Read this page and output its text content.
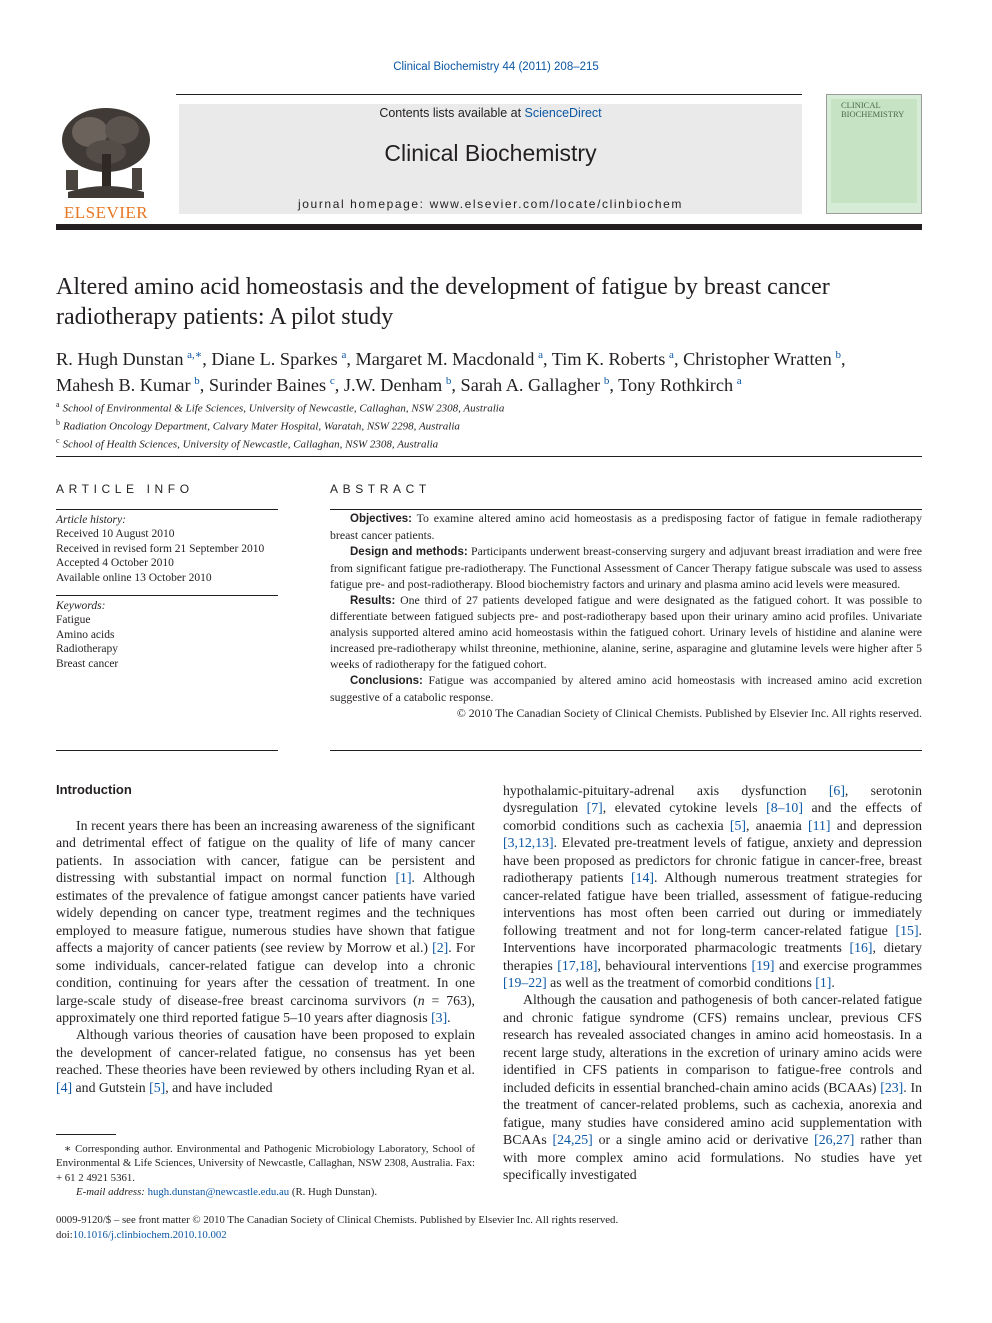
Clinical Biochemistry 44 (2011) 208–215
ELSEVIER
Contents lists available at ScienceDirect
Clinical Biochemistry
journal homepage: www.elsevier.com/locate/clinbiochem
CLINICAL
BIOCHEMISTRY
Altered amino acid homeostasis and the development of fatigue by breast cancer radiotherapy patients: A pilot study
R. Hugh Dunstan  $^{a,∗}$, Diane L. Sparkes  $^a$, Margaret M. Macdonald  $^a$, Tim K. Roberts  $^a$, Christopher Wratten  $^b$,
Mahesh B. Kumar  $^b$, Surinder Baines  $^c$, J.W. Denham  $^b$, Sarah A. Gallagher  $^b$, Tony Rothkirch  $^a$
$^a$ School of Environmental & Life Sciences, University of Newcastle, Callaghan, NSW 2308, Australia
$^b$ Radiation Oncology Department, Calvary Mater Hospital, Waratah, NSW 2298, Australia
$^c$ School of Health Sciences, University of Newcastle, Callaghan, NSW 2308, Australia
ARTICLE INFO
Article history:
Received 10 August 2010
Received in revised form 21 September 2010
Accepted 4 October 2010
Available online 13 October 2010
Keywords:
Fatigue
Amino acids
Radiotherapy
Breast cancer
ABSTRACT

Objectives: To examine altered amino acid homeostasis as a predisposing factor of fatigue in female radiotherapy breast cancer patients.

Design and methods: Participants underwent breast-conserving surgery and adjuvant breast irradiation and were free from significant fatigue pre-radiotherapy. The Functional Assessment of Cancer Therapy fatigue subscale was used to assess fatigue pre- and post-radiotherapy. Blood biochemistry factors and urinary and plasma amino acid levels were measured.

Results: One third of 27 patients developed fatigue and were designated as the fatigued cohort. It was possible to differentiate between fatigued subjects pre- and post-radiotherapy based upon their urinary amino acid profiles. Univariate analysis supported altered amino acid homeostasis within the fatigued cohort. Urinary levels of histidine and alanine were increased pre-radiotherapy whilst threonine, methionine, alanine, serine, asparagine and glutamine levels were higher after 5 weeks of radiotherapy for the fatigued cohort.

Conclusions: Fatigue was accompanied by altered amino acid homeostasis with increased amino acid excretion suggestive of a catabolic response.

© 2010 The Canadian Society of Clinical Chemists. Published by Elsevier Inc. All rights reserved.

Introduction

In recent years there has been an increasing awareness of the significant and detrimental effect of fatigue on the quality of life of many cancer patients. In association with cancer, fatigue can be persistent and distressing with substantial impact on normal function [1]. Although estimates of the prevalence of fatigue amongst cancer patients have varied widely depending on cancer type, treatment regimes and the techniques employed to measure fatigue, numerous studies have shown that fatigue affects a majority of cancer patients (see review by Morrow et al.) [2]. For some individuals, cancer-related fatigue can develop into a chronic condition, continuing for years after the cessation of treatment. In one large-scale study of disease-free breast carcinoma survivors (n = 763), approximately one third reported fatigue 5–10 years after diagnosis [3].

Although various theories of causation have been proposed to explain the development of cancer-related fatigue, no consensus has yet been reached. These theories have been reviewed by others including Ryan et al. [4] and Gutstein [5], and have included

hypothalamic-pituitary-adrenal axis dysfunction [6], serotonin dysregulation [7], elevated cytokine levels [8–10] and the effects of comorbid conditions such as cachexia [5], anaemia [11] and depression [3,12,13]. Elevated pre-treatment levels of fatigue, anxiety and depression have been proposed as predictors for chronic fatigue in cancer-free, breast radiotherapy patients [14]. Although numerous treatment strategies for cancer-related fatigue have been trialled, assessment of fatigue-reducing interventions has most often been carried out during or immediately following treatment and not for long-term cancer-related fatigue [15]. Interventions have incorporated pharmacologic treatments [16], dietary therapies [17,18], behavioural interventions [19] and exercise programmes [19–22] as well as the treatment of comorbid conditions [1].

Although the causation and pathogenesis of both cancer-related fatigue and chronic fatigue syndrome (CFS) remains unclear, previous CFS research has revealed associated changes in amino acid homeostasis. In a recent large study, alterations in the excretion of urinary amino acids were identified in CFS patients in comparison to fatigue-free controls and included deficits in essential branched-chain amino acids (BCAAs) [23]. In the treatment of cancer-related problems, such as cachexia, anorexia and fatigue, many studies have considered amino acid supplementation with BCAAs [24,25] or a single amino acid or derivative [26,27] rather than with more complex amino acid formulations. No studies have yet specifically investigated

∗ Corresponding author. Environmental and Pathogenic Microbiology Laboratory, School of Environmental & Life Sciences, University of Newcastle, Callaghan, NSW 2308, Australia. Fax: + 61 2 4921 5361.

E-mail address: hugh.dunstan@newcastle.edu.au (R. Hugh Dunstan).

0009-9120/$ – see front matter © 2010 The Canadian Society of Clinical Chemists. Published by Elsevier Inc. All rights reserved.
doi:10.1016/j.clinbiochem.2010.10.002
